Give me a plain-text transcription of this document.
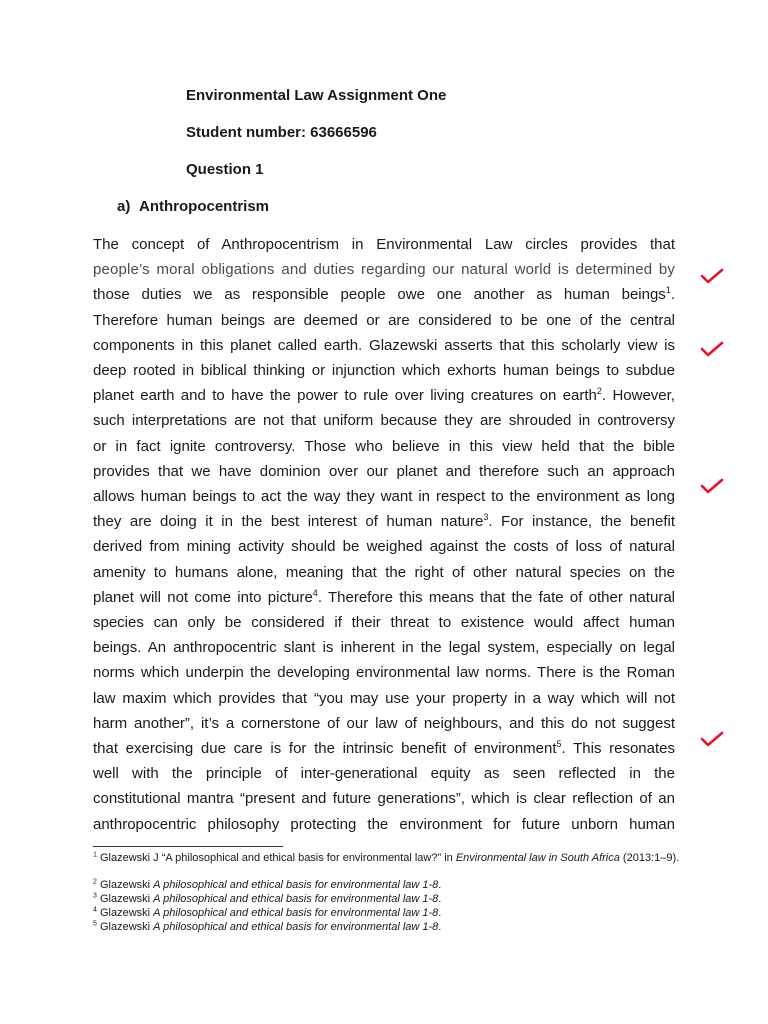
Environmental Law Assignment One
Student number: 63666596
Question 1
a) Anthropocentrism
The concept of Anthropocentrism in Environmental Law circles provides that
people’s moral obligations and duties regarding our natural world is determined by
those duties we as responsible people owe one another as human beings$^1$.
Therefore human beings are deemed or are considered to be one of the central
components in this planet called earth. Glazewski asserts that this scholarly view is
deep rooted in biblical thinking or injunction which exhorts human beings to subdue
planet earth and to have the power to rule over living creatures on earth$^2$. However,
such interpretations are not that uniform because they are shrouded in controversy
or in fact ignite controversy. Those who believe in this view held that the bible
provides that we have dominion over our planet and therefore such an approach
allows human beings to act the way they want in respect to the environment as long
they are doing it in the best interest of human nature$^3$. For instance, the benefit
derived from mining activity should be weighed against the costs of loss of natural
amenity to humans alone, meaning that the right of other natural species on the
planet will not come into picture$^4$. Therefore this means that the fate of other natural
species can only be considered if their threat to existence would affect human
beings. An anthropocentric slant is inherent in the legal system, especially on legal
norms which underpin the developing environmental law norms. There is the Roman
law maxim which provides that “you may use your property in a way which will not
harm another”, it’s a cornerstone of our law of neighbours, and this do not suggest
that exercising due care is for the intrinsic benefit of environment$^5$. This resonates
well with the principle of inter-generational equity as seen reflected in the
constitutional mantra “present and future generations”, which is clear reflection of an
anthropocentric philosophy protecting the environment for future unborn human
$^1$ Glazewski J “A philosophical and ethical basis for environmental law?” in Environmental law in South Africa (2013:1–9).
$^2$ Glazewski A philosophical and ethical basis for environmental law 1-8.
$^3$ Glazewski A philosophical and ethical basis for environmental law 1-8.
$^4$ Glazewski A philosophical and ethical basis for environmental law 1-8.
$^5$ Glazewski A philosophical and ethical basis for environmental law 1-8.
